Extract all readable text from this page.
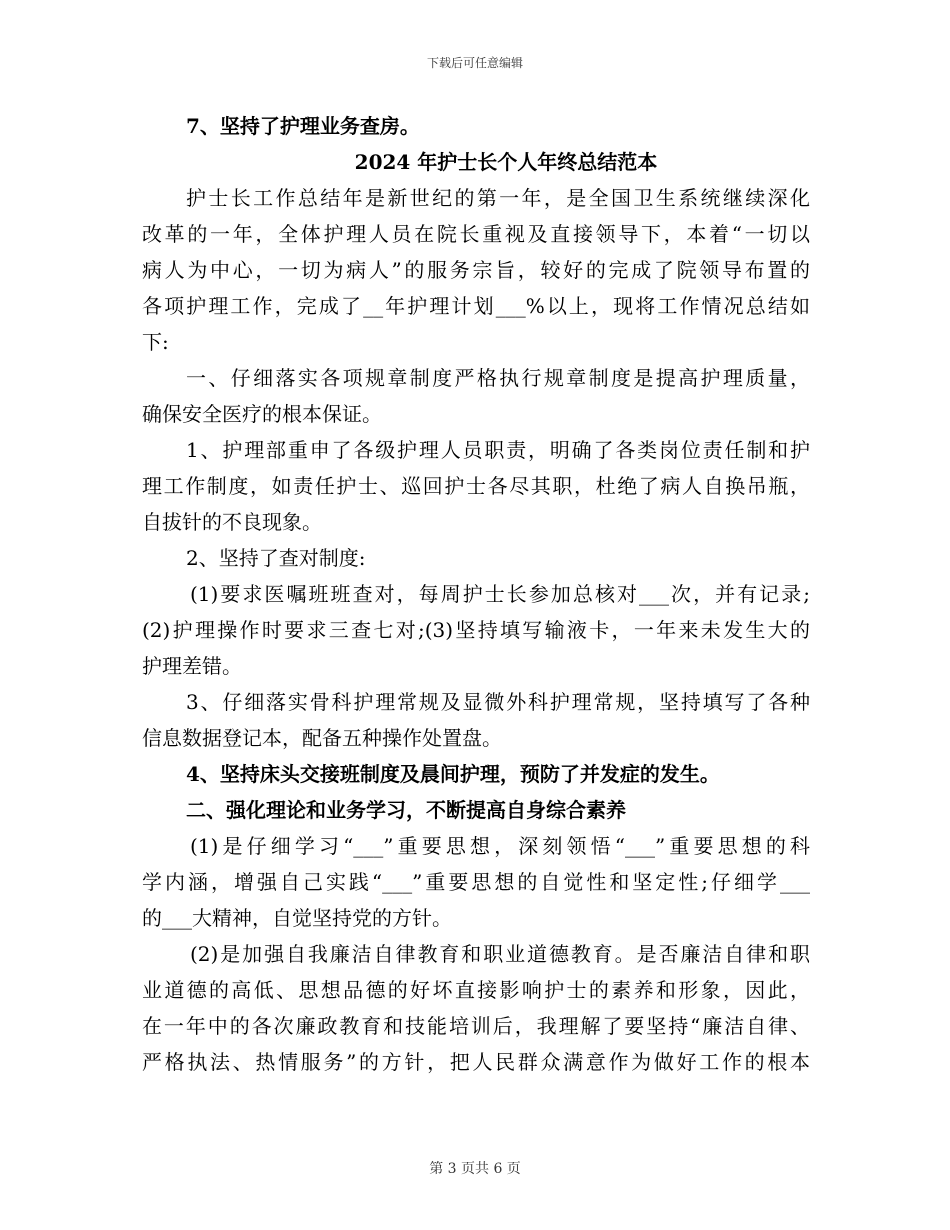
下载后可任意编辑
7、坚持了护理业务查房。
2024 年护士长个人年终总结范本
护士长工作总结年是新世纪的第一年，是全国卫生系统继续深化
改革的一年，全体护理人员在院长重视及直接领导下，本着“一切以
病人为中心，一切为病人”的服务宗旨，较好的完成了院领导布置的
各项护理工作，完成了__年护理计划___%以上，现将工作情况总结如
下:
一、仔细落实各项规章制度严格执行规章制度是提高护理质量，
确保安全医疗的根本保证。
1、护理部重申了各级护理人员职责，明确了各类岗位责任制和护
理工作制度，如责任护士、巡回护士各尽其职，杜绝了病人自换吊瓶，
自拔针的不良现象。
2、坚持了查对制度:
(1)要求医嘱班班查对，每周护士长参加总核对___次，并有记录;
(2)护理操作时要求三查七对;(3)坚持填写输液卡，一年来未发生大的
护理差错。
3、仔细落实骨科护理常规及显微外科护理常规，坚持填写了各种
信息数据登记本，配备五种操作处置盘。
4、坚持床头交接班制度及晨间护理，预防了并发症的发生。
二、强化理论和业务学习，不断提高自身综合素养
(1)是仔细学习“___”重要思想，深刻领悟“___”重要思想的科
学内涵，增强自己实践“___”重要思想的自觉性和坚定性;仔细学___
的___大精神，自觉坚持党的方针。
(2)是加强自我廉洁自律教育和职业道德教育。是否廉洁自律和职
业道德的高低、思想品德的好坏直接影响护士的素养和形象，因此，
在一年中的各次廉政教育和技能培训后，我理解了要坚持“廉洁自律、
严格执法、热情服务”的方针，把人民群众满意作为做好工作的根本
第 3 页共 6 页
